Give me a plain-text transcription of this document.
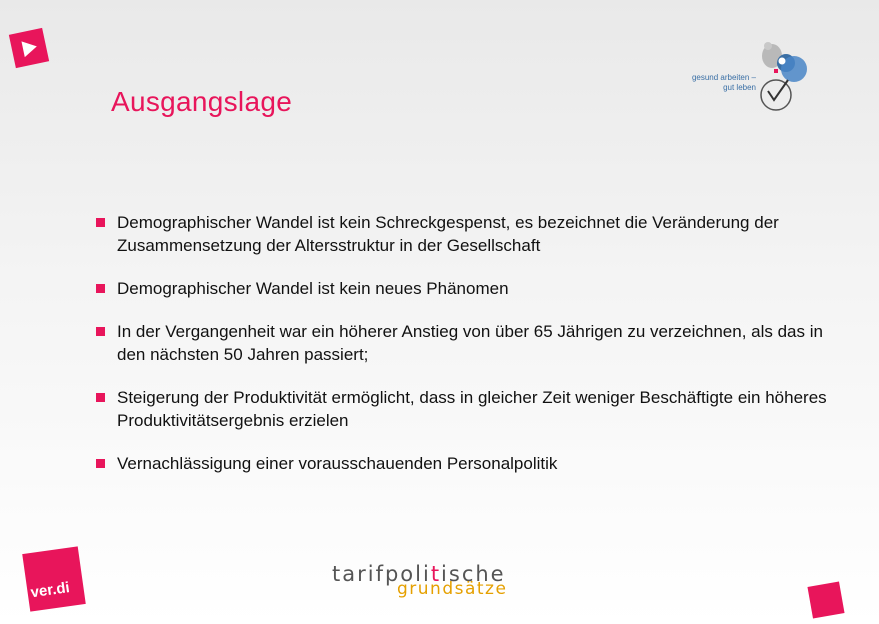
Ausgangslage
gesund arbeiten –
gut leben
Demographischer Wandel ist kein Schreckgespenst, es bezeichnet die Veränderung der Zusammensetzung der Altersstruktur in der Gesellschaft
Demographischer Wandel ist kein neues Phänomen
In der Vergangenheit war ein höherer Anstieg von über 65 Jährigen zu verzeichnen, als das in den nächsten 50 Jahren passiert;
Steigerung der Produktivität ermöglicht, dass in gleicher Zeit weniger Beschäftigte ein höheres Produktivitätsergebnis erzielen
Vernachlässigung einer vorausschauenden Personalpolitik
ver.di
tarifpolitische
grundsätze
